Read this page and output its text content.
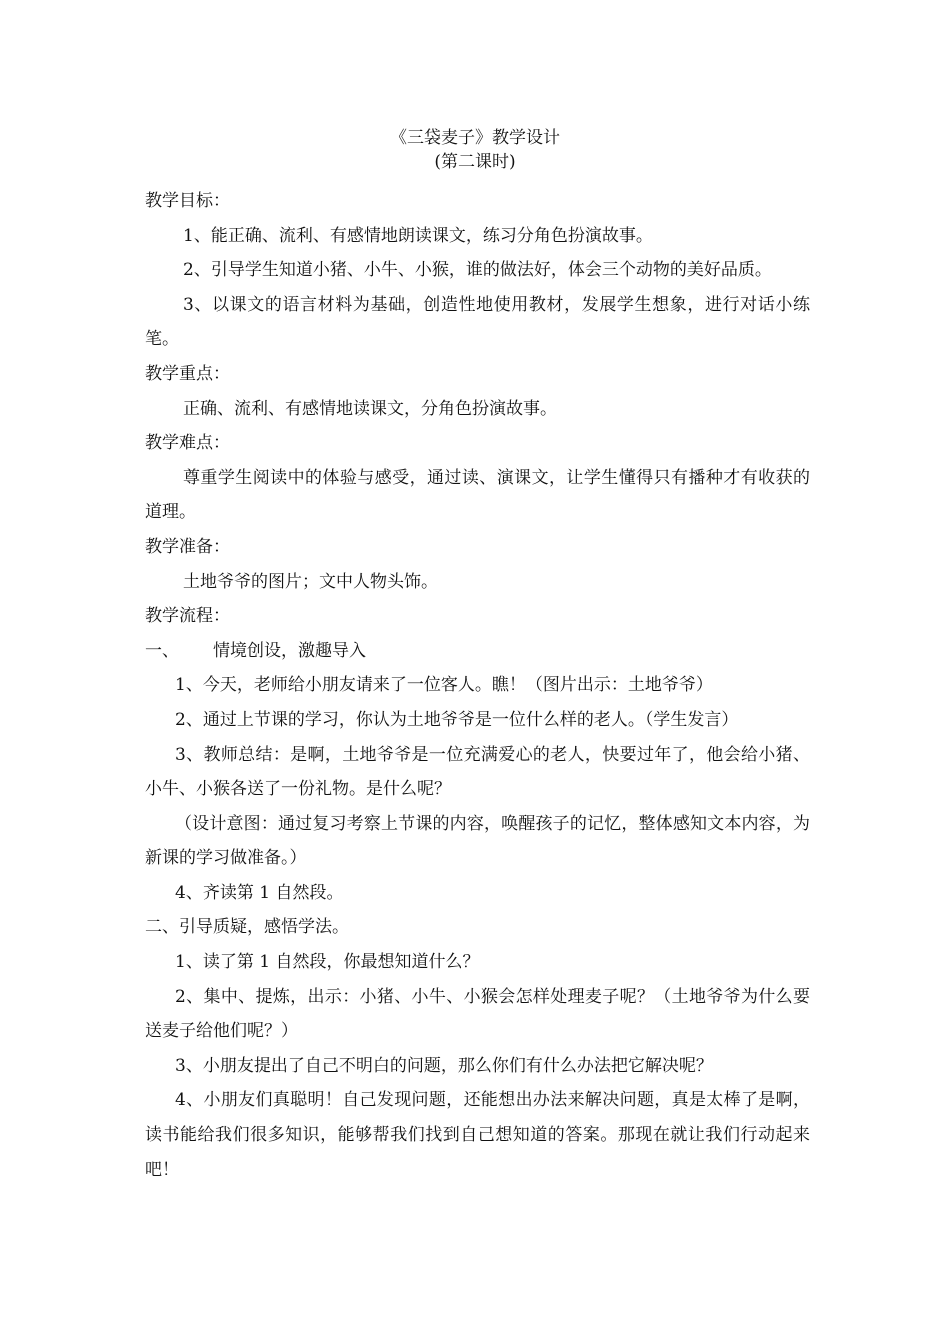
《三袋麦子》教学设计
(第二课时)

教学目标：

1、能正确、流利、有感情地朗读课文，练习分角色扮演故事。

2、引导学生知道小猪、小牛、小猴，谁的做法好，体会三个动物的美好品质。

3、以课文的语言材料为基础，创造性地使用教材，发展学生想象，进行对话小练笔。

教学重点：

正确、流利、有感情地读课文，分角色扮演故事。

教学难点：

尊重学生阅读中的体验与感受，通过读、演课文，让学生懂得只有播种才有收获的道理。

教学准备：

土地爷爷的图片；文中人物头饰。

教学流程：

一、 情境创设，激趣导入

1、今天，老师给小朋友请来了一位客人。瞧！（图片出示：土地爷爷）

2、通过上节课的学习，你认为土地爷爷是一位什么样的老人。（学生发言）

3、教师总结：是啊，土地爷爷是一位充满爱心的老人，快要过年了，他会给小猪、小牛、小猴各送了一份礼物。是什么呢？

（设计意图：通过复习考察上节课的内容，唤醒孩子的记忆，整体感知文本内容，为新课的学习做准备。）

4、齐读第 1 自然段。

二、引导质疑，感悟学法。

1、读了第 1 自然段，你最想知道什么？

2、集中、提炼，出示：小猪、小牛、小猴会怎样处理麦子呢？（土地爷爷为什么要送麦子给他们呢？）

3、小朋友提出了自己不明白的问题，那么你们有什么办法把它解决呢？

4、小朋友们真聪明！自己发现问题，还能想出办法来解决问题，真是太棒了是啊，读书能给我们很多知识，能够帮我们找到自己想知道的答案。那现在就让我们行动起来吧！
